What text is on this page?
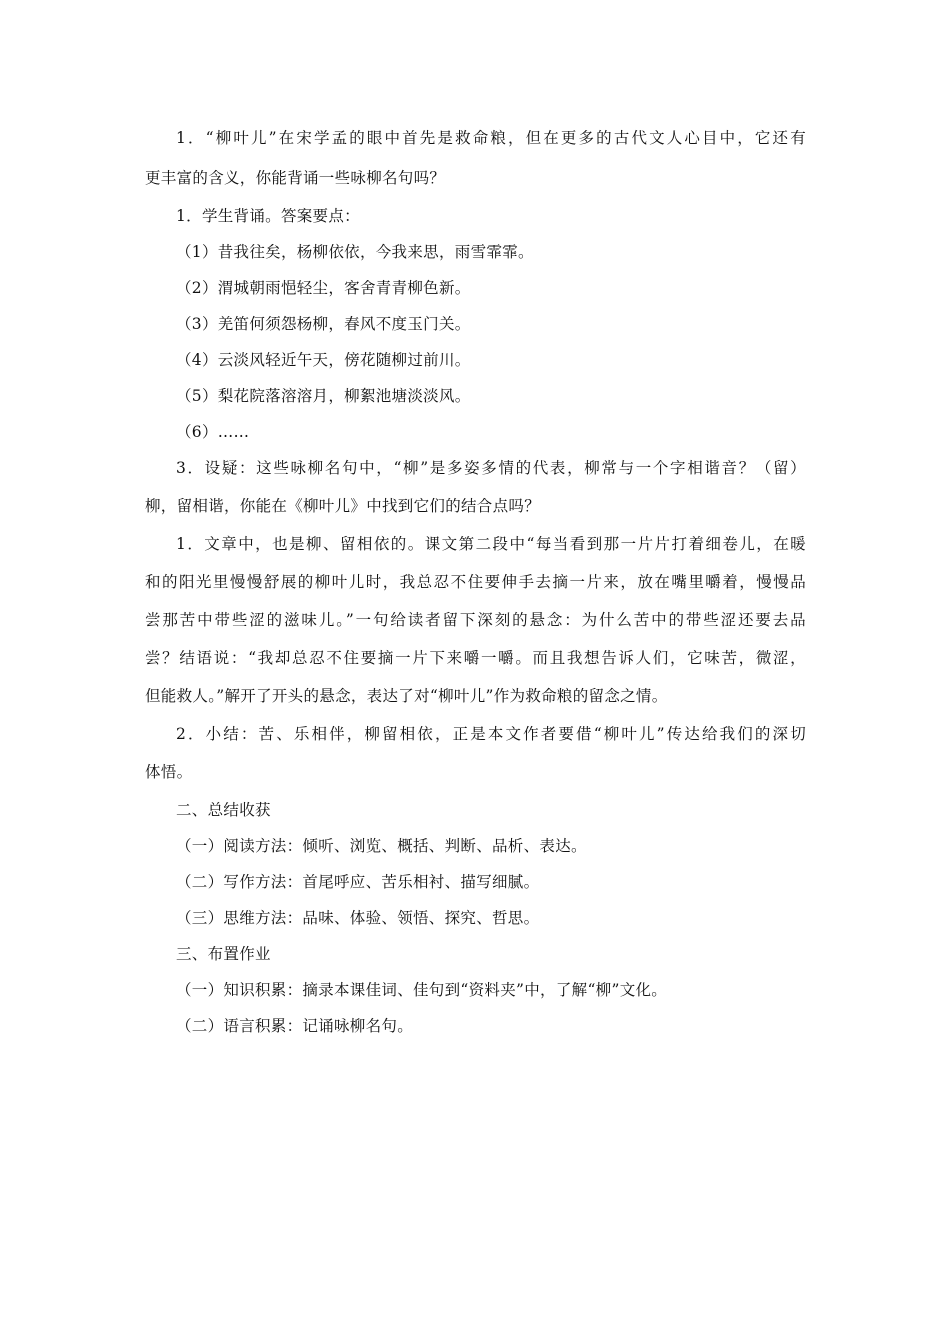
1．“柳叶儿”在宋学孟的眼中首先是救命粮，但在更多的古代文人心目中，它还有
更丰富的含义，你能背诵一些咏柳名句吗？
1．学生背诵。答案要点：
（1）昔我往矣，杨柳依依，今我来思，雨雪霏霏。
（2）渭城朝雨悒轻尘，客舍青青柳色新。
（3）羌笛何须怨杨柳，春风不度玉门关。
（4）云淡风轻近午天，傍花随柳过前川。
（5）梨花院落溶溶月，柳絮池塘淡淡风。
（6）……
3．设疑：这些咏柳名句中，“柳”是多姿多情的代表，柳常与一个字相谐音？（留）
柳，留相谐，你能在《柳叶儿》中找到它们的结合点吗？
1．文章中，也是柳、留相依的。课文第二段中“每当看到那一片片打着细卷儿，在暖
和的阳光里慢慢舒展的柳叶儿时，我总忍不住要伸手去摘一片来，放在嘴里嚼着，慢慢品
尝那苦中带些涩的滋味儿。”一句给读者留下深刻的悬念：为什么苦中的带些涩还要去品
尝？结语说：“我却总忍不住要摘一片下来嚼一嚼。而且我想告诉人们，它味苦，微涩，
但能救人。”解开了开头的悬念，表达了对“柳叶儿”作为救命粮的留念之情。
2．小结：苦、乐相伴，柳留相依，正是本文作者要借“柳叶儿”传达给我们的深切
体悟。
二、总结收获
（一）阅读方法：倾听、浏览、概括、判断、品析、表达。
（二）写作方法：首尾呼应、苦乐相衬、描写细腻。
（三）思维方法：品味、体验、领悟、探究、哲思。
三、布置作业
（一）知识积累：摘录本课佳词、佳句到“资料夹”中，了解“柳”文化。
（二）语言积累：记诵咏柳名句。
